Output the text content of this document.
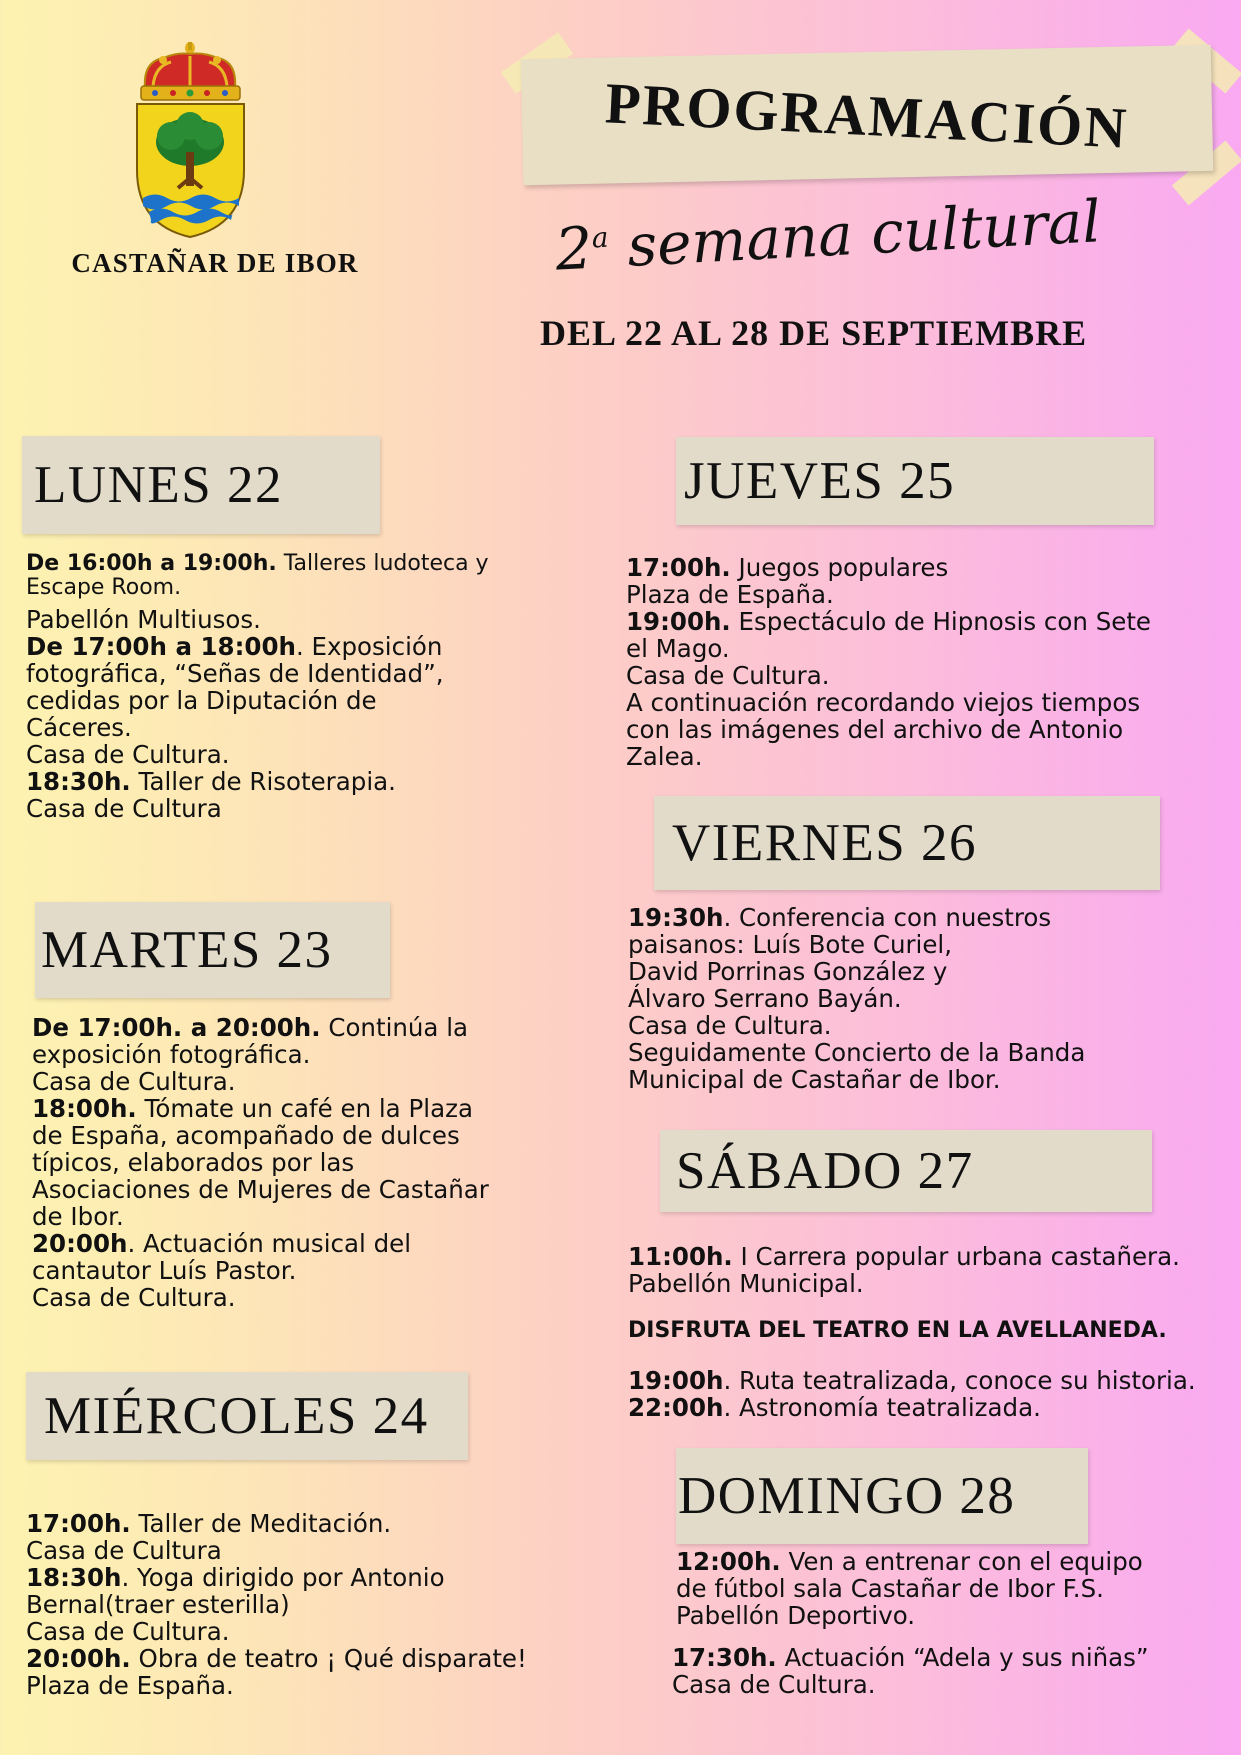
CASTAÑAR DE IBOR
PROGRAMACIÓN
2$^a$ semana cultural
DEL 22 AL 28 DE SEPTIEMBRE
LUNES 22

De 16:00h a 19:00h. Talleres ludoteca y

Escape Room.

Pabellón Multiusos.

De 17:00h a 18:00h. Exposición

fotográfica, “Señas de Identidad”,

cedidas por la Diputación de

Cáceres.

Casa de Cultura.

18:30h. Taller de Risoterapia.

Casa de Cultura

MARTES 23

De 17:00h. a 20:00h. Continúa la

exposición fotográfica.

Casa de Cultura.

18:00h. Tómate un café en la Plaza

de España, acompañado de dulces

típicos, elaborados por las

Asociaciones de Mujeres de Castañar

de Ibor.

20:00h. Actuación musical del

cantautor Luís Pastor.

Casa de Cultura.

MIÉRCOLES 24

17:00h. Taller de Meditación.

Casa de Cultura

18:30h. Yoga dirigido por Antonio

Bernal(traer esterilla)

Casa de Cultura.

20:00h. Obra de teatro ¡ Qué disparate!

Plaza de España.

JUEVES 25

17:00h. Juegos populares

Plaza de España.

19:00h. Espectáculo de Hipnosis con Sete

el Mago.

Casa de Cultura.

A continuación recordando viejos tiempos

con las imágenes del archivo de Antonio

Zalea.

VIERNES 26

19:30h. Conferencia con nuestros

paisanos: Luís Bote Curiel,

David Porrinas González y

Álvaro Serrano Bayán.

Casa de Cultura.

Seguidamente Concierto de la Banda

Municipal de Castañar de Ibor.

SÁBADO 27

11:00h. I Carrera popular urbana castañera.

Pabellón Municipal.

DISFRUTA DEL TEATRO EN LA AVELLANEDA.

19:00h. Ruta teatralizada, conoce su historia.

22:00h. Astronomía teatralizada.

DOMINGO 28

12:00h. Ven a entrenar con el equipo

de fútbol sala Castañar de Ibor F.S.

Pabellón Deportivo.

17:30h. Actuación “Adela y sus niñas”

Casa de Cultura.
